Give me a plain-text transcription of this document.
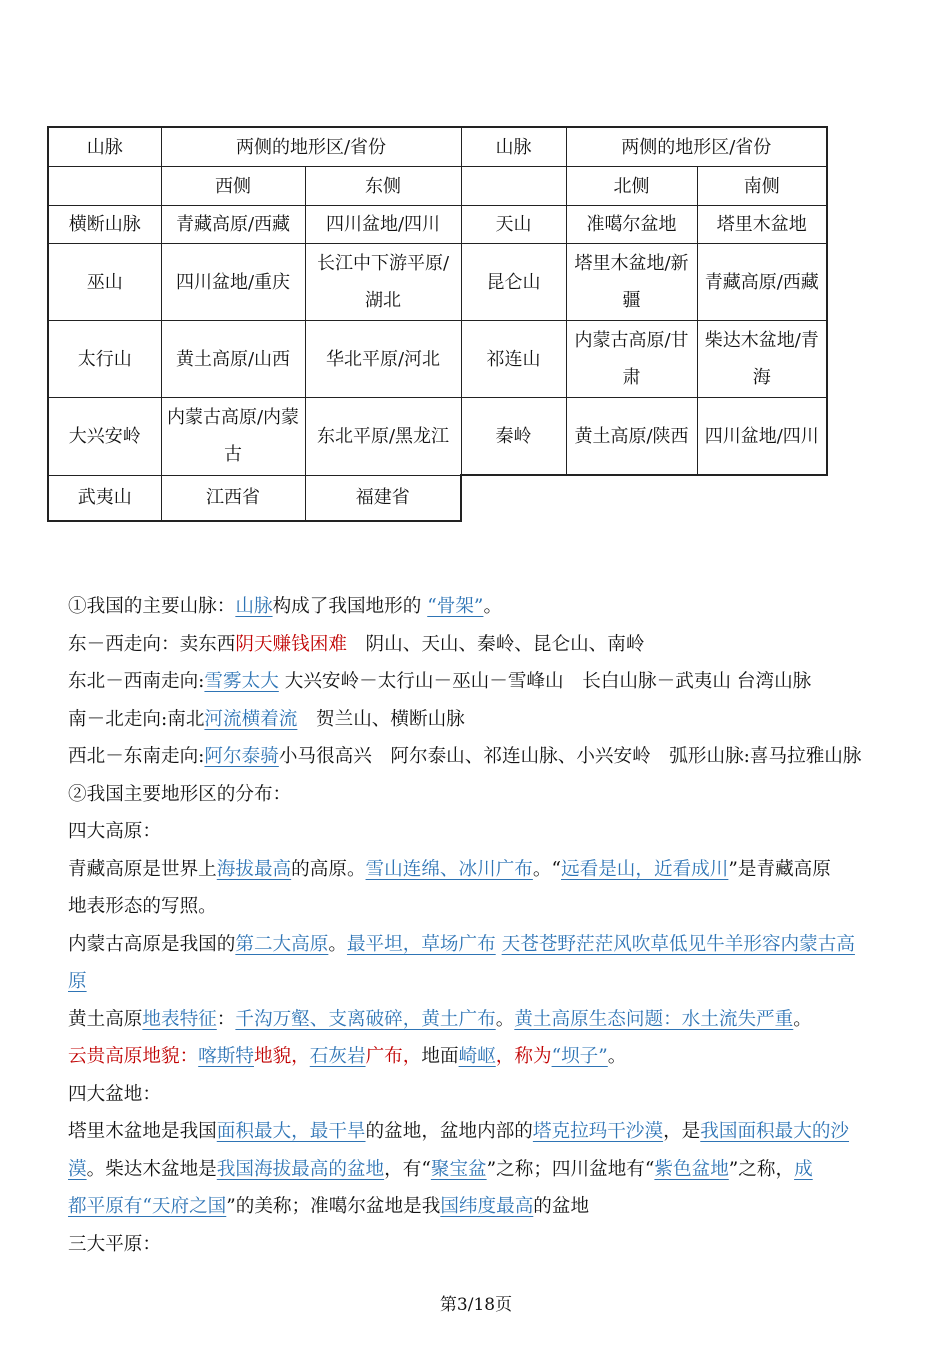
山脉	两侧的地形区/省份		山脉	两侧的地形区/省份	
	西侧	东侧		北侧	南侧
横断山脉	青藏高原/西藏	四川盆地/四川	天山	准噶尔盆地	塔里木盆地
巫山	四川盆地/重庆	长江中下游平原/湖北	昆仑山	塔里木盆地/新疆	青藏高原/西藏
太行山	黄土高原/山西	华北平原/河北	祁连山	内蒙古高原/甘肃	柴达木盆地/青海
大兴安岭	内蒙古高原/内蒙古	东北平原/黑龙江	秦岭	黄土高原/陕西	四川盆地/四川
武夷山	江西省	福建省			
①我国的主要山脉：山脉构成了我国地形的 “骨架”。
东－西走向：卖东西阴天赚钱困难　阴山、天山、秦岭、昆仑山、南岭
东北－西南走向:雪雾太大 大兴安岭－太行山－巫山－雪峰山　长白山脉－武夷山 台湾山脉
南－北走向:南北河流横着流　贺兰山、横断山脉
西北－东南走向:阿尔泰骑小马很高兴　阿尔泰山、祁连山脉、小兴安岭　弧形山脉:喜马拉雅山脉
②我国主要地形区的分布：
四大高原：
青藏高原是世界上海拔最高的高原。雪山连绵、冰川广布。“远看是山，近看成川”是青藏高原
地表形态的写照。
内蒙古高原是我国的第二大高原。最平坦，草场广布 天苍苍野茫茫风吹草低见牛羊形容内蒙古高
原
黄土高原地表特征：千沟万壑、支离破碎，黄土广布。黄土高原生态问题：水土流失严重。
云贵高原地貌：喀斯特地貌，石灰岩广布，地面崎岖，称为“坝子”。
四大盆地：
塔里木盆地是我国面积最大，最干旱的盆地，盆地内部的塔克拉玛干沙漠，是我国面积最大的沙
漠。柴达木盆地是我国海拔最高的盆地，有“聚宝盆”之称；四川盆地有“紫色盆地”之称，成
都平原有“天府之国”的美称；准噶尔盆地是我国纬度最高的盆地
三大平原：
第3/18页
